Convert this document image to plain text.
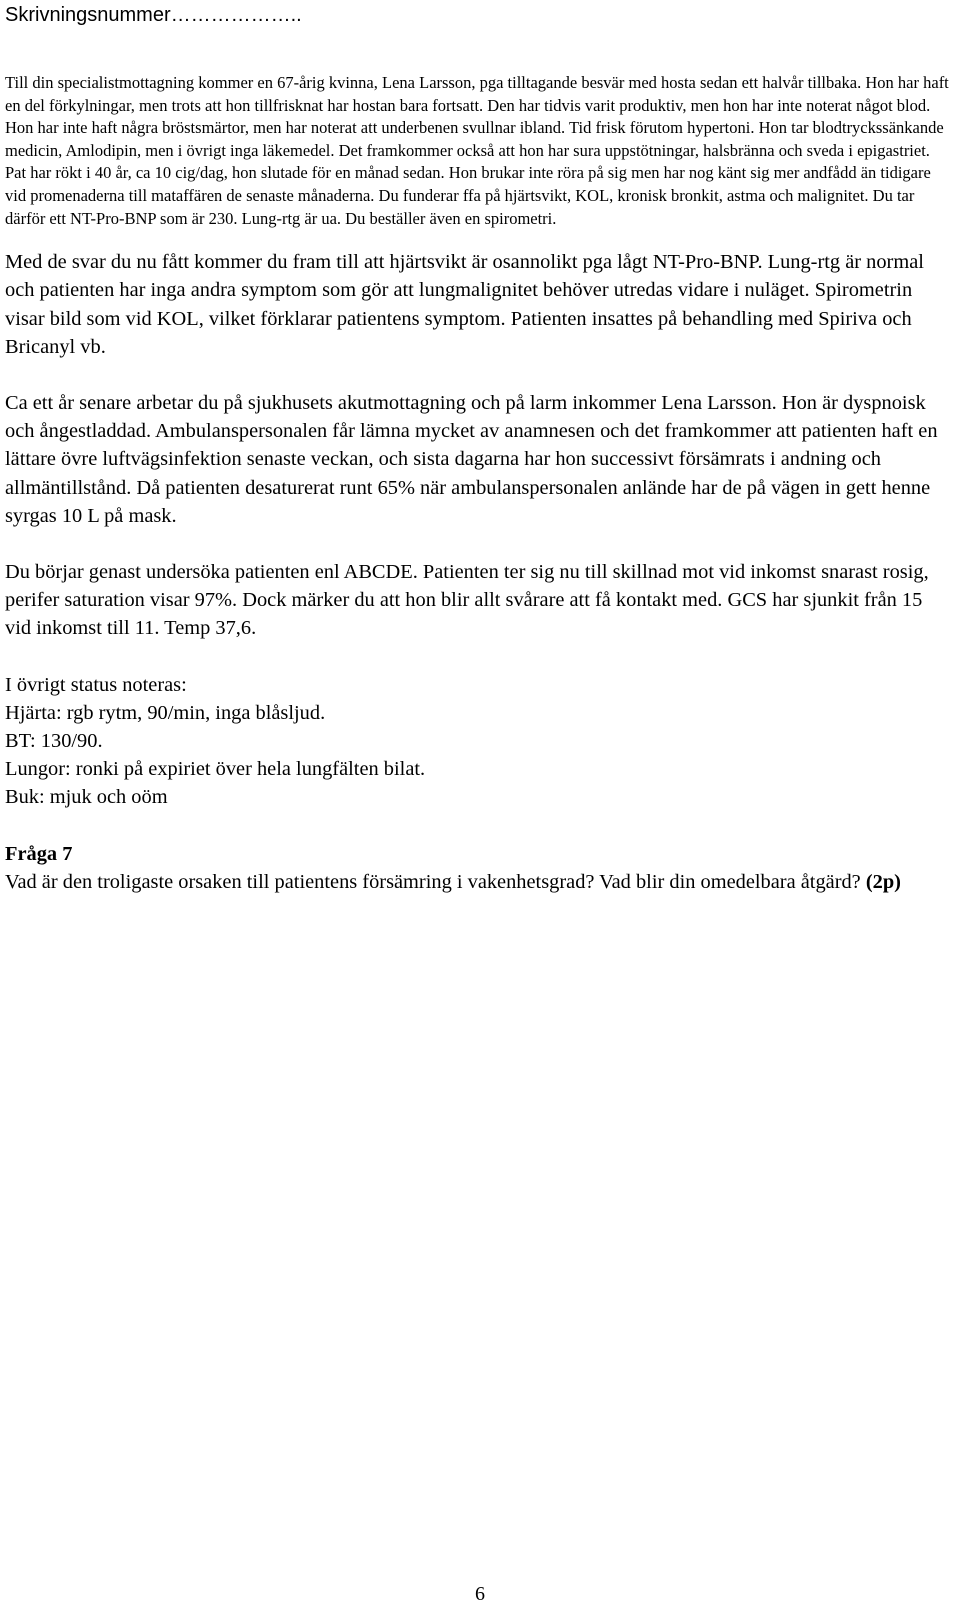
Skrivningsnummer………………..

Till din specialistmottagning kommer en 67-årig kvinna, Lena Larsson, pga tilltagande besvär med hosta sedan ett halvår tillbaka. Hon har haft en del förkylningar, men trots att hon tillfrisknat har hostan bara fortsatt. Den har tidvis varit produktiv, men hon har inte noterat något blod. Hon har inte haft några bröstsmärtor, men har noterat att underbenen svullnar ibland. Tid frisk förutom hypertoni. Hon tar blodtryckssänkande medicin, Amlodipin, men i övrigt inga läkemedel. Det framkommer också att hon har sura uppstötningar, halsbränna och sveda i epigastriet. Pat har rökt i 40 år, ca 10 cig/dag, hon slutade för en månad sedan. Hon brukar inte röra på sig men har nog känt sig mer andfådd än tidigare vid promenaderna till mataffären de senaste månaderna. Du funderar ffa på hjärtsvikt, KOL, kronisk bronkit, astma och malignitet. Du tar därför ett NT-Pro-BNP som är 230. Lung-rtg är ua. Du beställer även en spirometri.

Med de svar du nu fått kommer du fram till att hjärtsvikt är osannolikt pga lågt NT-Pro-BNP. Lung-rtg är normal och patienten har inga andra symptom som gör att lungmalignitet behöver utredas vidare i nuläget. Spirometrin visar bild som vid KOL, vilket förklarar patientens symptom. Patienten insattes på behandling med Spiriva och Bricanyl vb.

Ca ett år senare arbetar du på sjukhusets akutmottagning och på larm inkommer Lena Larsson. Hon är dyspnoisk och ångestladdad. Ambulanspersonalen får lämna mycket av anamnesen och det framkommer att patienten haft en lättare övre luftvägsinfektion senaste veckan, och sista dagarna har hon successivt försämrats i andning och allmäntillstånd. Då patienten desaturerat runt 65% när ambulanspersonalen anlände har de på vägen in gett henne syrgas 10 L på mask.

Du börjar genast undersöka patienten enl ABCDE. Patienten ter sig nu till skillnad mot vid inkomst snarast rosig, perifer saturation visar 97%. Dock märker du att hon blir allt svårare att få kontakt med. GCS har sjunkit från 15 vid inkomst till 11. Temp 37,6.

I övrigt status noteras:
Hjärta: rgb rytm, 90/min, inga blåsljud.
BT: 130/90.
Lungor: ronki på expiriet över hela lungfälten bilat.
Buk: mjuk och oöm
Fråga 7
Vad är den troligaste orsaken till patientens försämring i vakenhetsgrad? Vad blir din omedelbara åtgärd? (2p)
6
